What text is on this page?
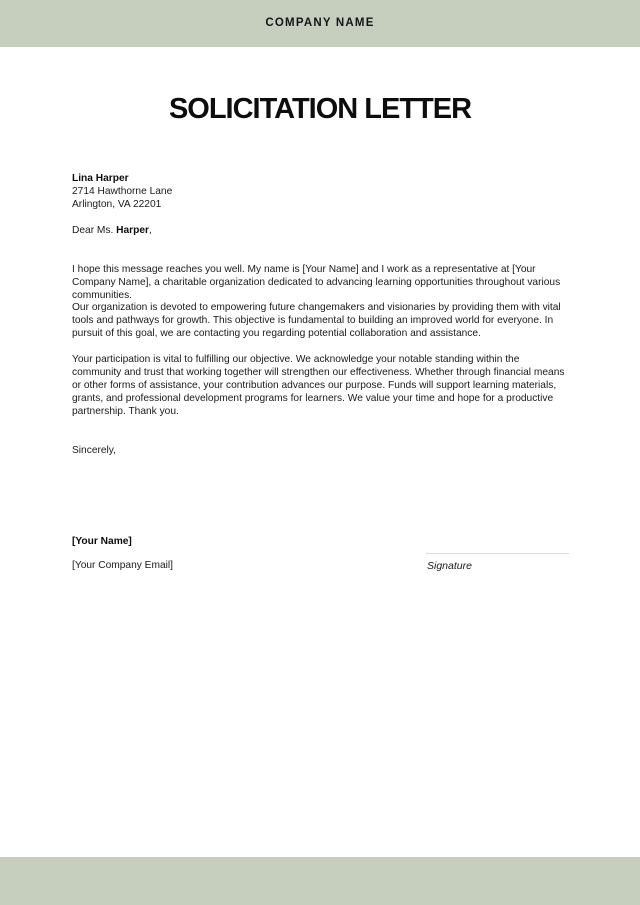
COMPANY NAME
SOLICITATION LETTER
Lina Harper
2714 Hawthorne Lane
Arlington, VA 22201
Dear Ms. Harper,

I hope this message reaches you well. My name is [Your Name] and I work as a representative at [Your Company Name], a charitable organization dedicated to advancing learning opportunities throughout various communities.

Our organization is devoted to empowering future changemakers and visionaries by providing them with vital tools and pathways for growth. This objective is fundamental to building an improved world for everyone. In pursuit of this goal, we are contacting you regarding potential collaboration and assistance.

Your participation is vital to fulfilling our objective. We acknowledge your notable standing within the community and trust that working together will strengthen our effectiveness. Whether through financial means or other forms of assistance, your contribution advances our purpose. Funds will support learning materials, grants, and professional development programs for learners. We value your time and hope for a productive partnership. Thank you.

Sincerely,
[Your Name]
[Your Company Email]	Signature
